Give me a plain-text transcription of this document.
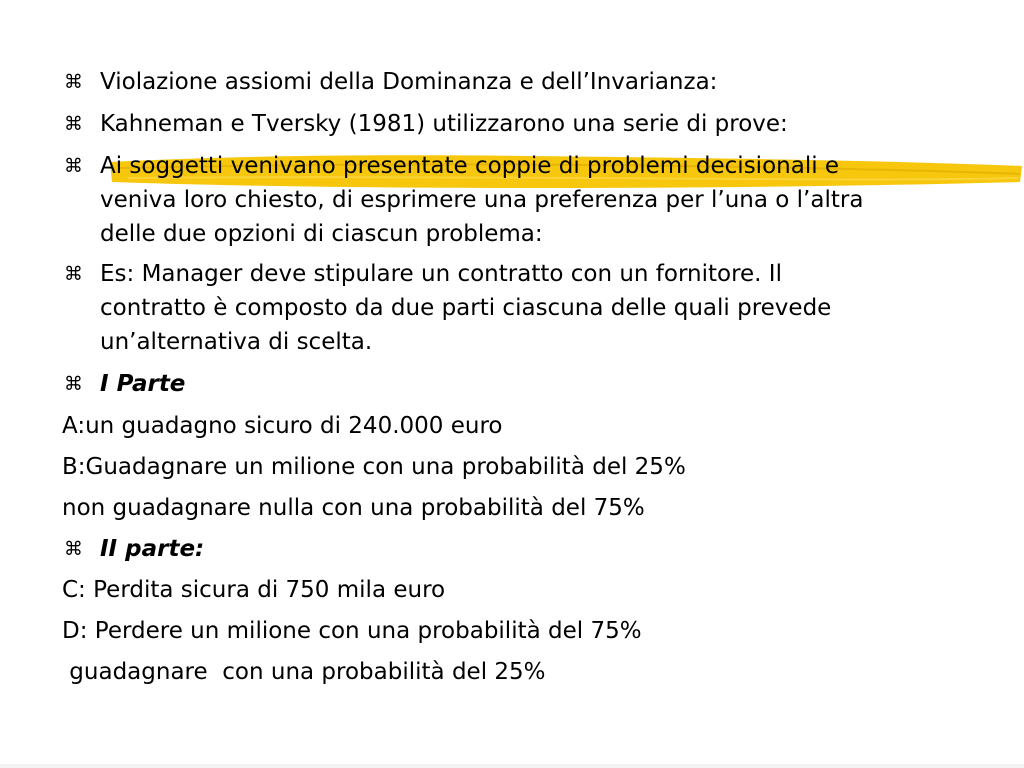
⌘ Violazione assiomi della Dominanza e dell’Invarianza:
⌘ Kahneman e Tversky (1981) utilizzarono una serie di prove:
⌘ Ai soggetti venivano presentate coppie di problemi decisionali e
veniva loro chiesto, di esprimere una preferenza per l’una o l’altra
delle due opzioni di ciascun problema:
⌘ Es: Manager deve stipulare un contratto con un fornitore. Il
contratto è composto da due parti ciascuna delle quali prevede
un’alternativa di scelta.
⌘ I Parte
A:un guadagno sicuro di 240.000 euro
B:Guadagnare un milione con una probabilità del 25%
non guadagnare nulla con una probabilità del 75%
⌘ II parte:
C: Perdita sicura di 750 mila euro
D: Perdere un milione con una probabilità del 75%
guadagnare  con una probabilità del 25%
